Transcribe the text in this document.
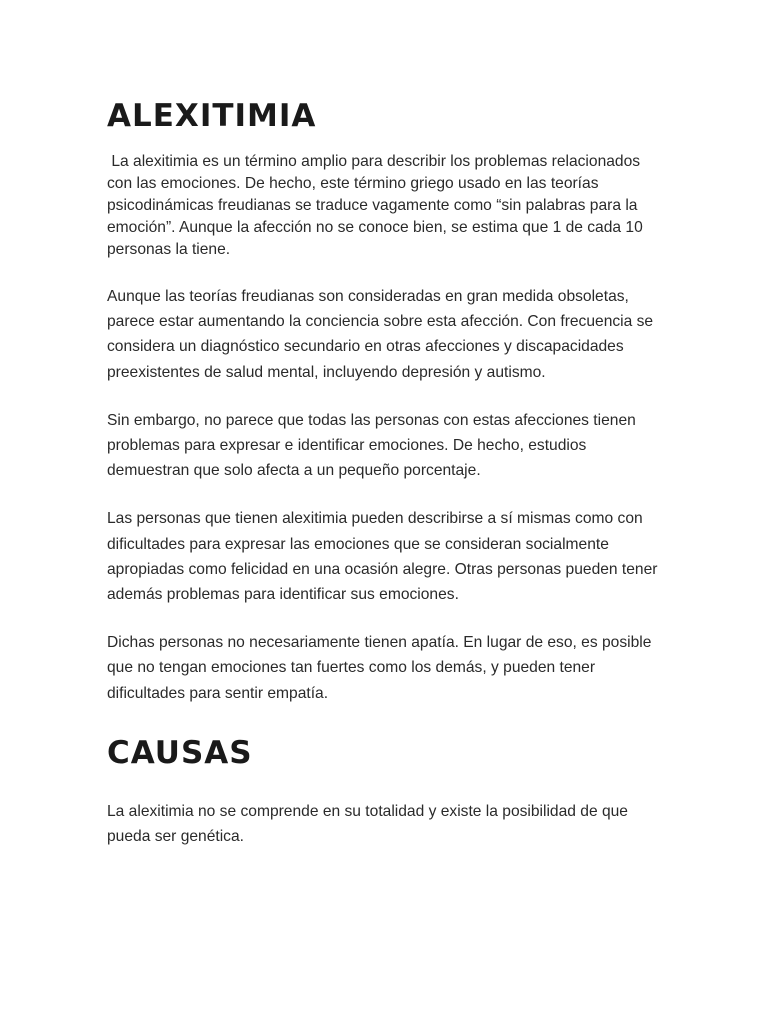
ALEXITIMIA

La alexitimia es un término amplio para describir los problemas relacionados con las emociones. De hecho, este término griego usado en las teorías psicodinámicas freudianas se traduce vagamente como “sin palabras para la emoción”. Aunque la afección no se conoce bien, se estima que 1 de cada 10 personas la tiene.

Aunque las teorías freudianas son consideradas en gran medida obsoletas, parece estar aumentando la conciencia sobre esta afección. Con frecuencia se considera un diagnóstico secundario en otras afecciones y discapacidades preexistentes de salud mental, incluyendo depresión y autismo.

Sin embargo, no parece que todas las personas con estas afecciones tienen problemas para expresar e identificar emociones. De hecho, estudios demuestran que solo afecta a un pequeño porcentaje.

Las personas que tienen alexitimia pueden describirse a sí mismas como con dificultades para expresar las emociones que se consideran socialmente apropiadas como felicidad en una ocasión alegre. Otras personas pueden tener además problemas para identificar sus emociones.

Dichas personas no necesariamente tienen apatía. En lugar de eso, es posible que no tengan emociones tan fuertes como los demás, y pueden tener dificultades para sentir empatía.

CAUSAS

La alexitimia no se comprende en su totalidad y existe la posibilidad de que pueda ser genética.
